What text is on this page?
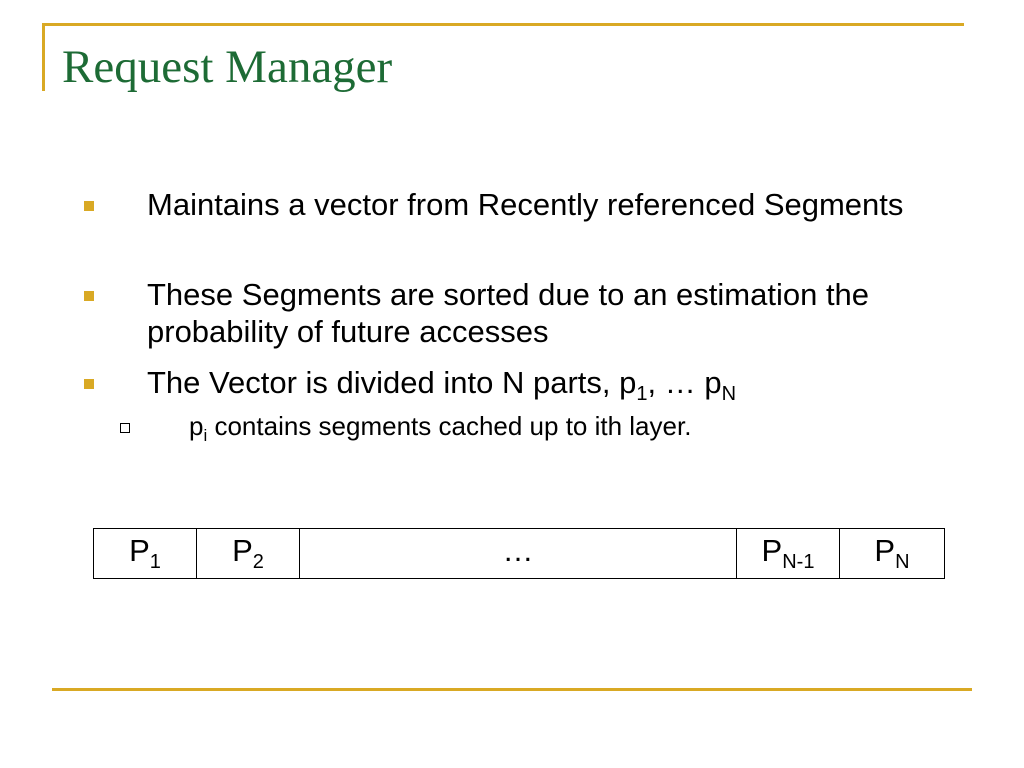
Request Manager
Maintains a vector from Recently referenced Segments
These Segments are sorted due to an estimation the probability of future accesses
The Vector is divided into N parts, $p_1$, … $p_N$
$p_i$ contains segments cached up to ith layer.
$P_1$	$P_2$	…	$P_{N-1}$	$P_N$
